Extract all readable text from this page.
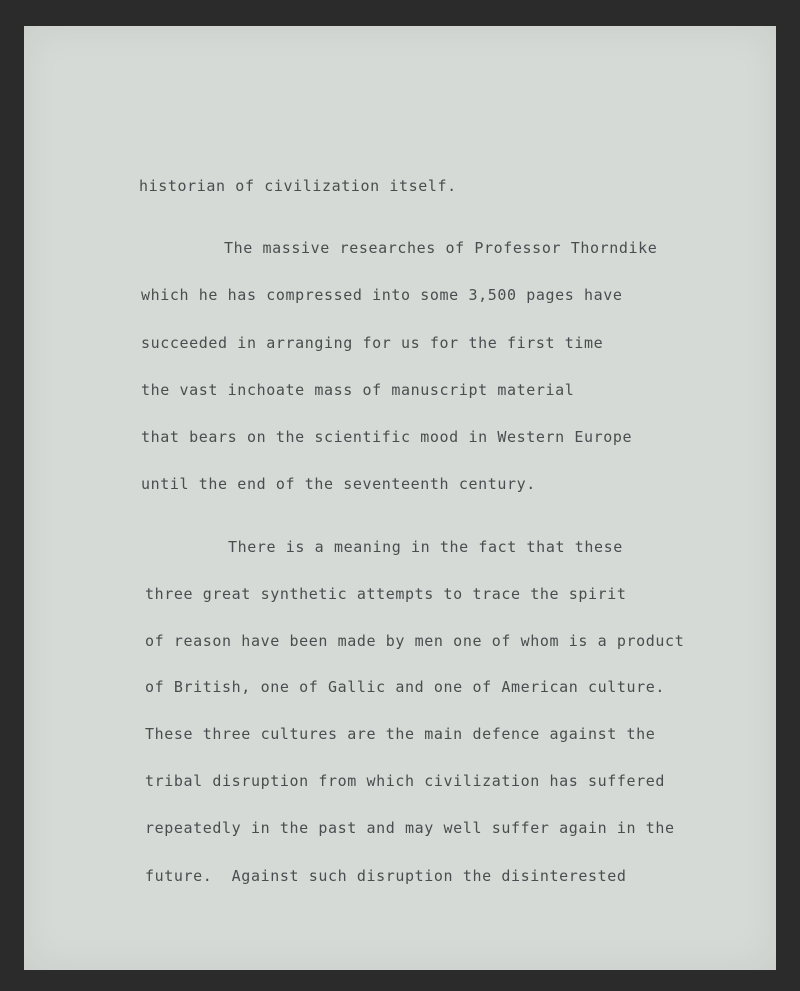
historian of civilization itself.
The massive researches of Professor Thorndike
which he has compressed into some 3,500 pages have
succeeded in arranging for us for the first time
the vast inchoate mass of manuscript material
that bears on the scientific mood in Western Europe
until the end of the seventeenth century.
There is a meaning in the fact that these
three great synthetic attempts to trace the spirit
of reason have been made by men one of whom is a product
of British, one of Gallic and one of American culture.
These three cultures are the main defence against the
tribal disruption from which civilization has suffered
repeatedly in the past and may well suffer again in the
future.  Against such disruption the disinterested
